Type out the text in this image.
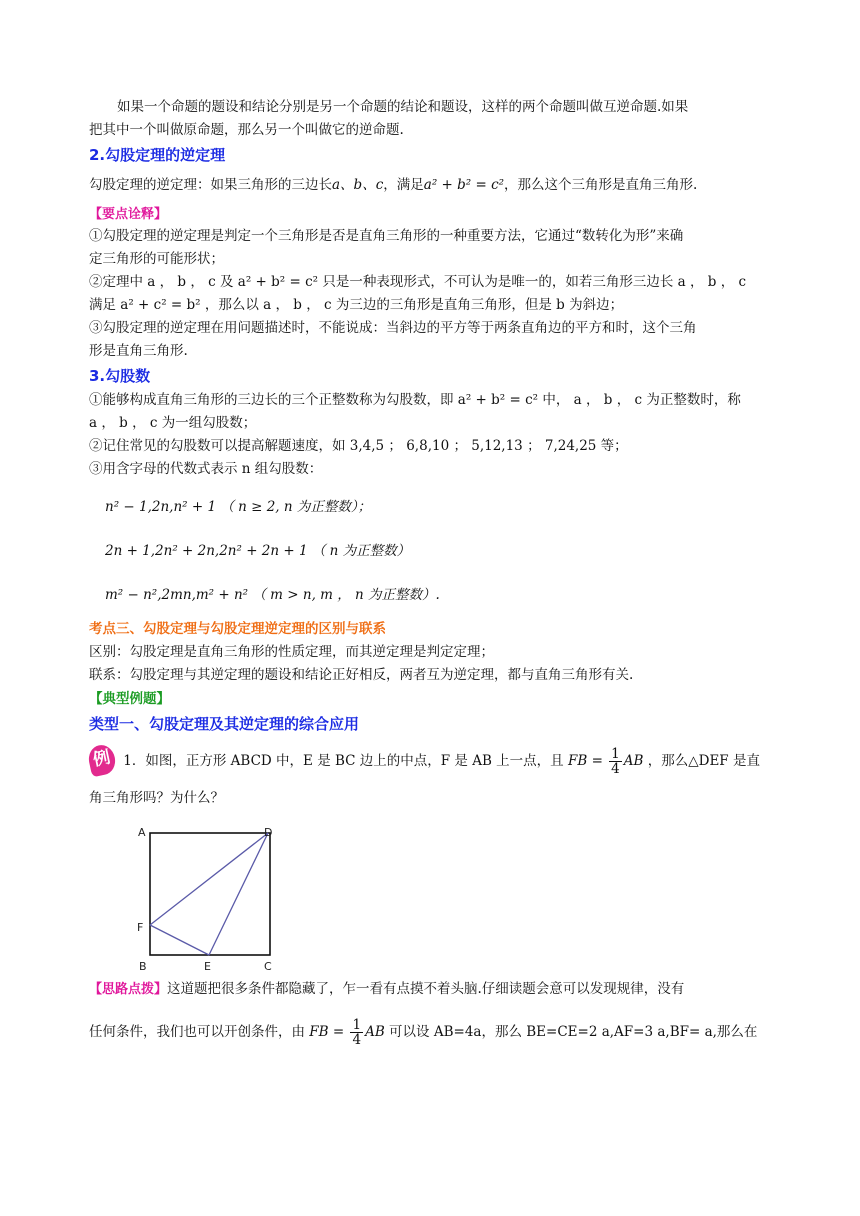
如果一个命题的题设和结论分别是另一个命题的结论和题设，这样的两个命题叫做互逆命题.如果

把其中一个叫做原命题，那么另一个叫做它的逆命题.

2.勾股定理的逆定理

勾股定理的逆定理：如果三角形的三边长a、b、c，满足a² + b² = c²，那么这个三角形是直角三角形.

【要点诠释】

①勾股定理的逆定理是判定一个三角形是否是直角三角形的一种重要方法，它通过“数转化为形”来确

定三角形的可能形状；

②定理中 a ， b ， c 及 a² + b² = c² 只是一种表现形式，不可认为是唯一的，如若三角形三边长 a ， b ， c

满足 a² + c² = b² ，那么以 a ， b ， c 为三边的三角形是直角三角形，但是 b 为斜边；

③勾股定理的逆定理在用问题描述时，不能说成：当斜边的平方等于两条直角边的平方和时，这个三角

形是直角三角形.

3.勾股数

①能够构成直角三角形的三边长的三个正整数称为勾股数，即 a² + b² = c² 中， a ， b ， c 为正整数时，称

a ， b ， c 为一组勾股数；

②记住常见的勾股数可以提高解题速度，如 3,4,5 ； 6,8,10 ； 5,12,13 ； 7,24,25 等；

③用含字母的代数式表示 n 组勾股数：

n² − 1,2n,n² + 1 （ n ≥ 2, n 为正整数）；

2n + 1,2n² + 2n,2n² + 2n + 1 （ n 为正整数）

m² − n²,2mn,m² + n² （ m > n, m ， n 为正整数）.

考点三、勾股定理与勾股定理逆定理的区别与联系

区别：勾股定理是直角三角形的性质定理，而其逆定理是判定定理；

联系：勾股定理与其逆定理的题设和结论正好相反，两者互为逆定理，都与直角三角形有关.

【典型例题】
类型一、勾股定理及其逆定理的综合应用
例 1．如图，正方形 ABCD 中，E 是 BC 边上的中点，F 是 AB 上一点，且 FB = $\frac{1}{4}$ AB ，那么△DEF 是直

角三角形吗？为什么？

A	D
F
B	E	C

【思路点拨】这道题把很多条件都隐藏了，乍一看有点摸不着头脑.仔细读题会意可以发现规律，没有

任何条件，我们也可以开创条件，由 FB = $\frac{1}{4}$ AB 可以设 AB=4a，那么 BE=CE=2 a,AF=3 a,BF= a,那么在
